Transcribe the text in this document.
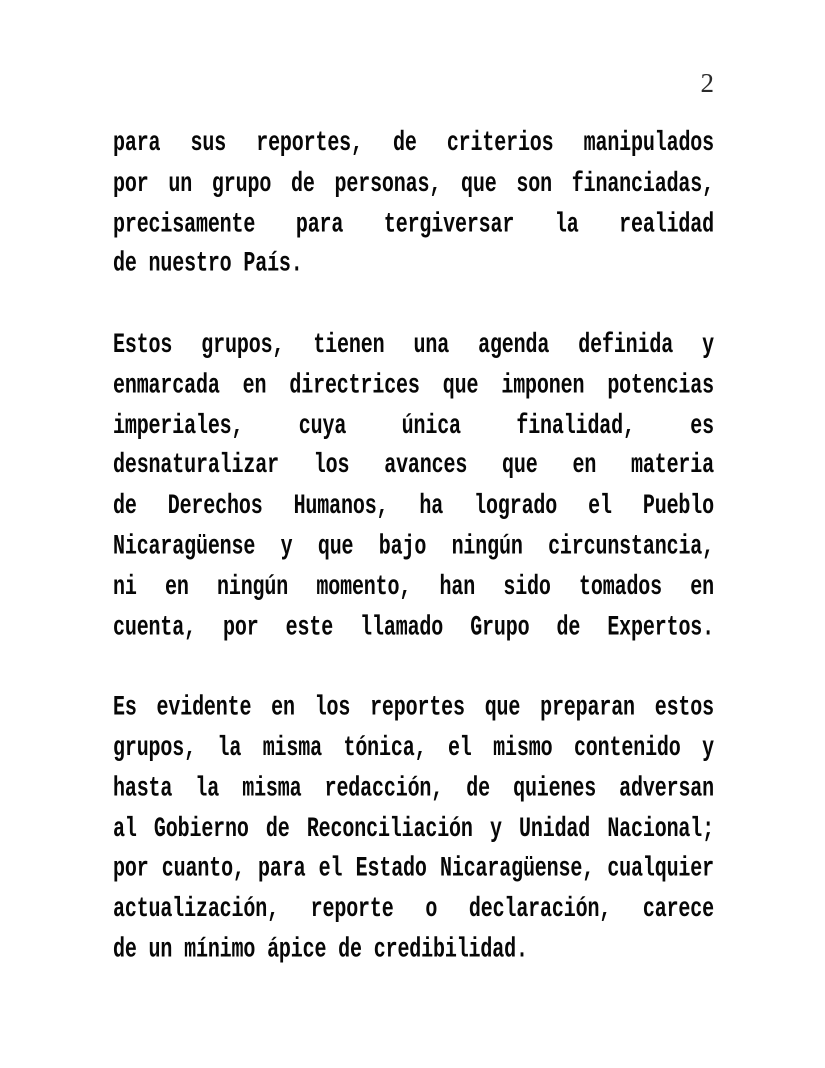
2
para sus reportes, de criterios manipulados
por un grupo de personas, que son financiadas,
precisamente para tergiversar la realidad
de nuestro País.
Estos grupos, tienen una agenda definida y
enmarcada en directrices que imponen potencias
imperiales, cuya única finalidad, es
desnaturalizar los avances que en materia
de Derechos Humanos, ha logrado el Pueblo
Nicaragüense y que bajo ningún circunstancia,
ni en ningún momento, han sido tomados en
cuenta, por este llamado Grupo de Expertos.
Es evidente en los reportes que preparan estos
grupos, la misma tónica, el mismo contenido y
hasta la misma redacción, de quienes adversan
al Gobierno de Reconciliación y Unidad Nacional;
por cuanto, para el Estado Nicaragüense, cualquier
actualización, reporte o declaración, carece
de un mínimo ápice de credibilidad.
